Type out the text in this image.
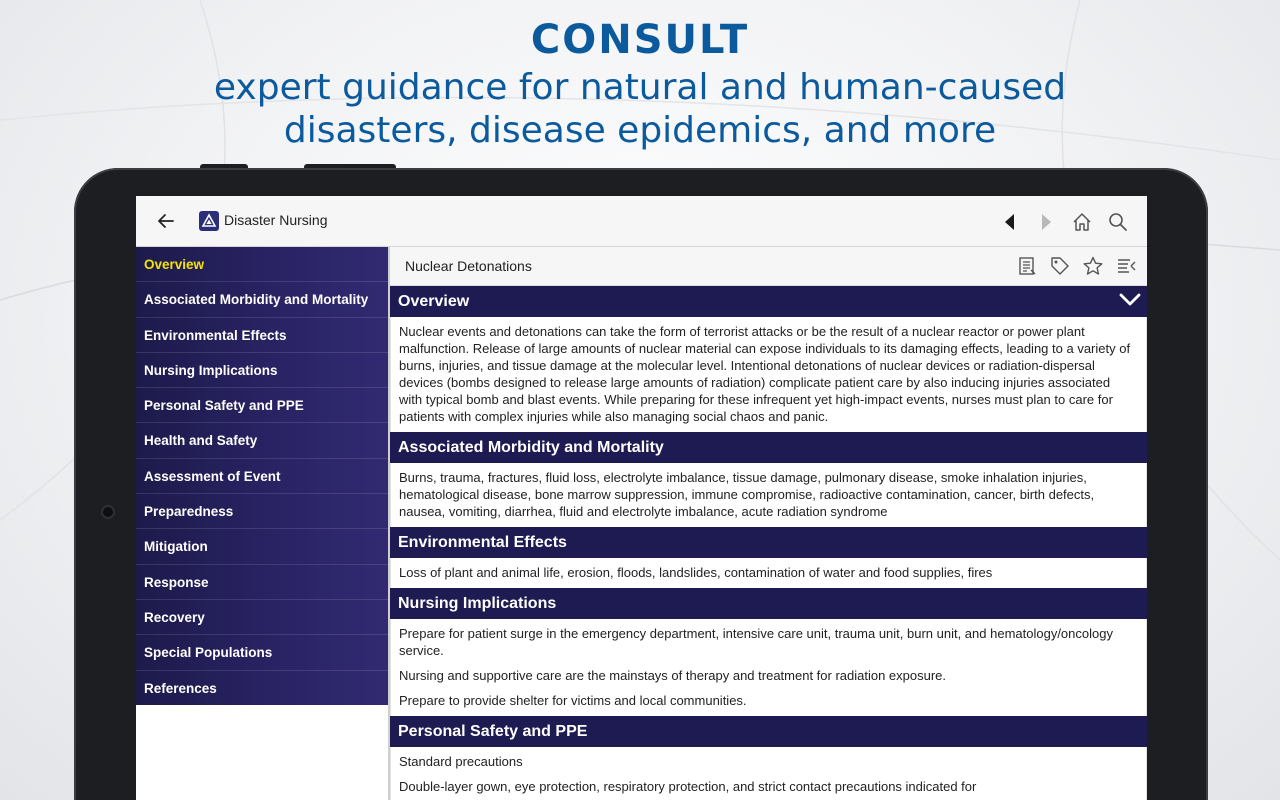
CONSULT
expert guidance for natural and human-caused
disasters, disease epidemics, and more
Disaster Nursing
Overview
Associated Morbidity and Mortality
Environmental Effects
Nursing Implications
Personal Safety and PPE
Health and Safety
Assessment of Event
Preparedness
Mitigation
Response
Recovery
Special Populations
References
Nuclear Detonations
Overview

Nuclear events and detonations can take the form of terrorist attacks or be the result of a nuclear reactor or power plant malfunction. Release of large amounts of nuclear material can expose individuals to its damaging effects, leading to a variety of burns, injuries, and tissue damage at the molecular level. Intentional detonations of nuclear devices or radiation-dispersal devices (bombs designed to release large amounts of radiation) complicate patient care by also inducing injuries associated with typical bomb and blast events. While preparing for these infrequent yet high-impact events, nurses must plan to care for patients with complex injuries while also managing social chaos and panic.

Associated Morbidity and Mortality

Burns, trauma, fractures, fluid loss, electrolyte imbalance, tissue damage, pulmonary disease, smoke inhalation injuries, hematological disease, bone marrow suppression, immune compromise, radioactive contamination, cancer, birth defects, nausea, vomiting, diarrhea, fluid and electrolyte imbalance, acute radiation syndrome

Environmental Effects

Loss of plant and animal life, erosion, floods, landslides, contamination of water and food supplies, fires

Nursing Implications

Prepare for patient surge in the emergency department, intensive care unit, trauma unit, burn unit, and hematology/oncology service.

Nursing and supportive care are the mainstays of therapy and treatment for radiation exposure.

Prepare to provide shelter for victims and local communities.

Personal Safety and PPE

Standard precautions

Double-layer gown, eye protection, respiratory protection, and strict contact precautions indicated for
